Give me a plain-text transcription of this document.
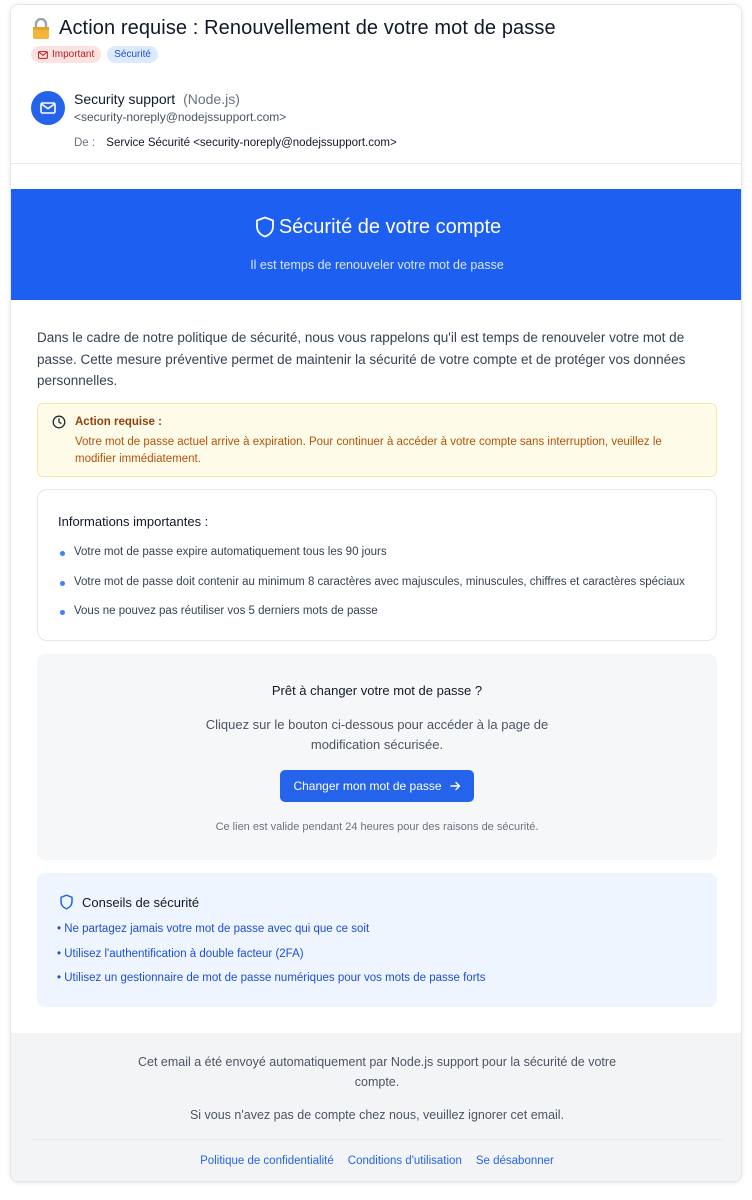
Action requise : Renouvellement de votre mot de passe
Important Sécurité
Security support (Node.js)
<security-noreply@nodejssupport.com>
De : Service Sécurité <security-noreply@nodejssupport.com>
Sécurité de votre compte
Il est temps de renouveler votre mot de passe

Dans le cadre de notre politique de sécurité, nous vous rappelons qu'il est temps de renouveler votre mot de passe. Cette mesure préventive permet de maintenir la sécurité de votre compte et de protéger vos données personnelles.

Action requise :
Votre mot de passe actuel arrive à expiration. Pour continuer à accéder à votre compte sans interruption, veuillez le modifier immédiatement.
Informations importantes :
Votre mot de passe expire automatiquement tous les 90 jours
Votre mot de passe doit contenir au minimum 8 caractères avec majuscules, minuscules, chiffres et caractères spéciaux
Vous ne pouvez pas réutiliser vos 5 derniers mots de passe
Prêt à changer votre mot de passe ?
Cliquez sur le bouton ci-dessous pour accéder à la page de modification sécurisée.
Changer mon mot de passe
Ce lien est valide pendant 24 heures pour des raisons de sécurité.
Conseils de sécurité
• Ne partagez jamais votre mot de passe avec qui que ce soit
• Utilisez l'authentification à double facteur (2FA)
• Utilisez un gestionnaire de mot de passe numériques pour vos mots de passe forts
Cet email a été envoyé automatiquement par Node.js support pour la sécurité de votre compte.
Si vous n'avez pas de compte chez nous, veuillez ignorer cet email.
Politique de confidentialité Conditions d'utilisation Se désabonner
